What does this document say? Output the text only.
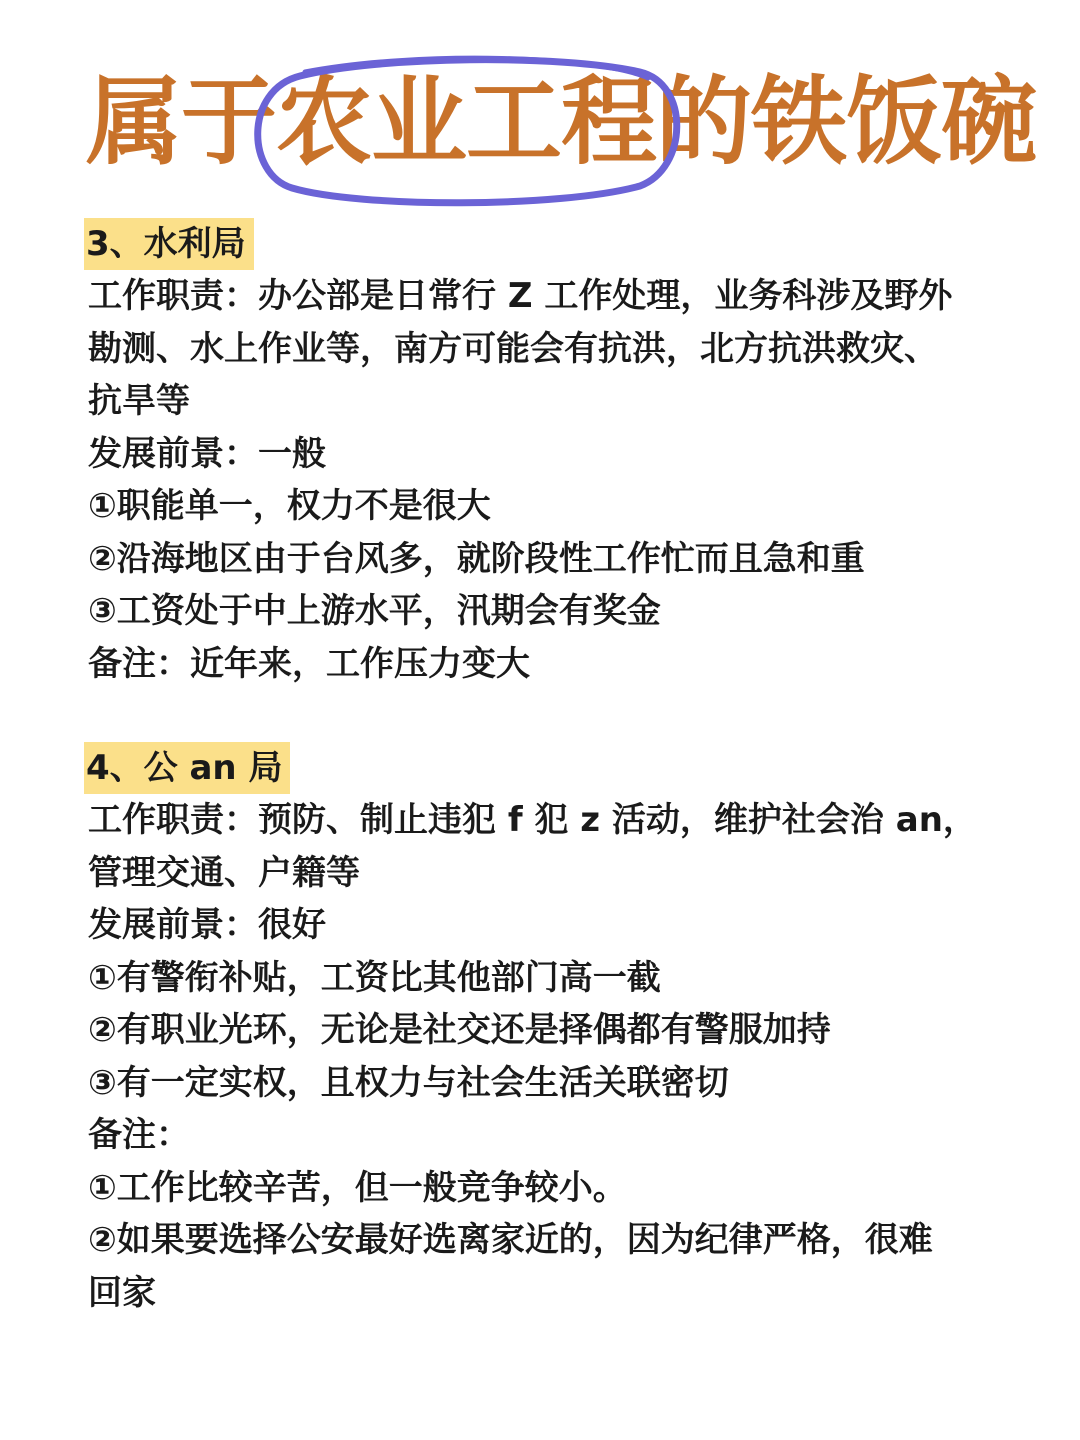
属于农业工程的铁饭碗
3、水利局

工作职责：办公部是日常行 Z 工作处理，业务科涉及野外

勘测、水上作业等，南方可能会有抗洪，北方抗洪救灾、

抗旱等

发展前景：一般

①职能单一，权力不是很大

②沿海地区由于台风多，就阶段性工作忙而且急和重

③工资处于中上游水平，汛期会有奖金

备注：近年来，工作压力变大

4、公 an 局

工作职责：预防、制止违犯 f 犯 z 活动，维护社会治 an，

管理交通、户籍等

发展前景：很好

①有警衔补贴，工资比其他部门高一截

②有职业光环，无论是社交还是择偶都有警服加持

③有一定实权，且权力与社会生活关联密切

备注：

①工作比较辛苦，但一般竞争较小。

②如果要选择公安最好选离家近的，因为纪律严格，很难

回家
